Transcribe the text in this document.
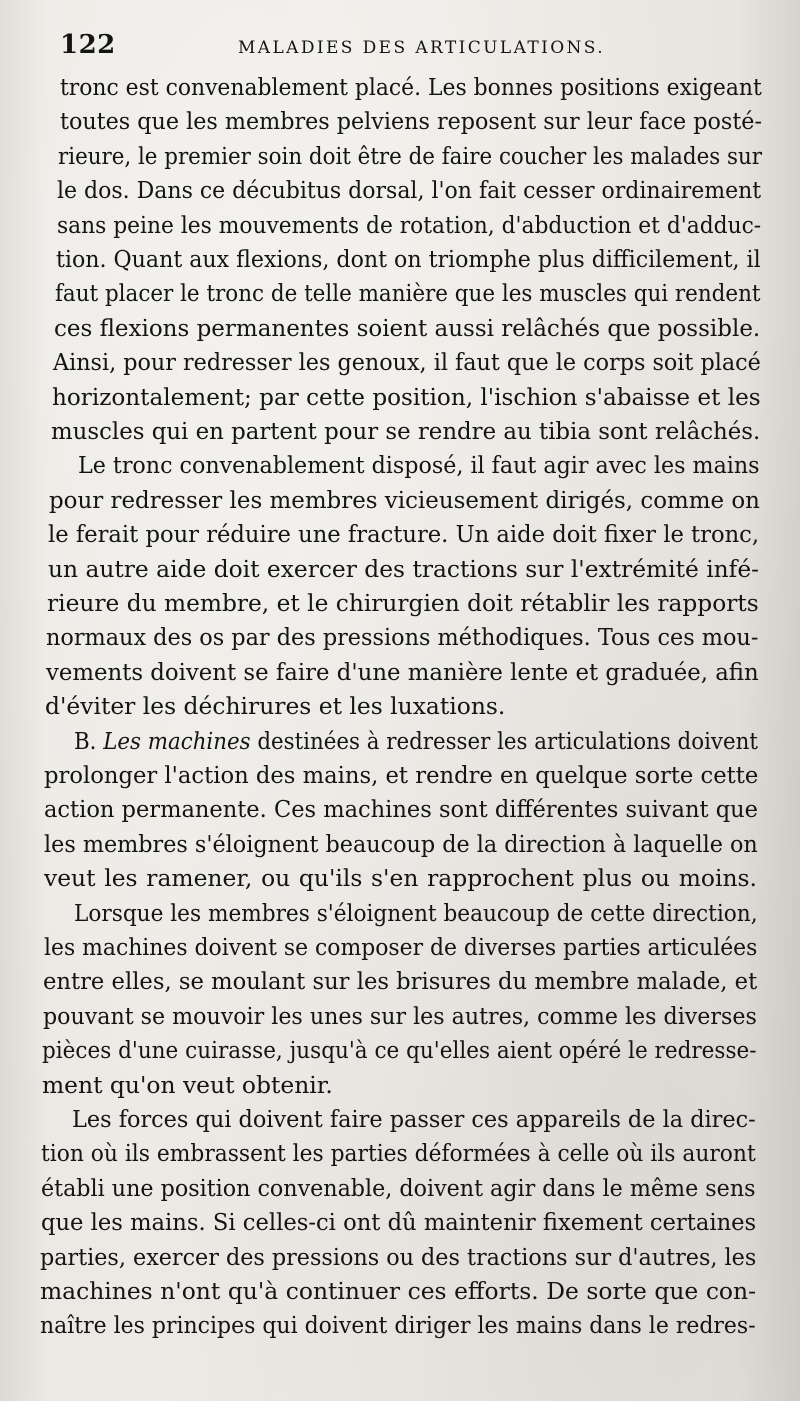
122	MALADIES DES ARTICULATIONS.
tronc est convenablement placé. Les bonnes positions exigeant
toutes que les membres pelviens reposent sur leur face posté-
rieure, le premier soin doit être de faire coucher les malades sur
le dos. Dans ce décubitus dorsal, l'on fait cesser ordinairement
sans peine les mouvements de rotation, d'abduction et d'adduc-
tion. Quant aux flexions, dont on triomphe plus difficilement, il
faut placer le tronc de telle manière que les muscles qui rendent
ces flexions permanentes soient aussi relâchés que possible.
Ainsi, pour redresser les genoux, il faut que le corps soit placé
horizontalement; par cette position, l'ischion s'abaisse et les
muscles qui en partent pour se rendre au tibia sont relâchés.
Le tronc convenablement disposé, il faut agir avec les mains
pour redresser les membres vicieusement dirigés, comme on
le ferait pour réduire une fracture. Un aide doit fixer le tronc,
un autre aide doit exercer des tractions sur l'extrémité infé-
rieure du membre, et le chirurgien doit rétablir les rapports
normaux des os par des pressions méthodiques. Tous ces mou-
vements doivent se faire d'une manière lente et graduée, afin
d'éviter les déchirures et les luxations.
B. Les machines destinées à redresser les articulations doivent
prolonger l'action des mains, et rendre en quelque sorte cette
action permanente. Ces machines sont différentes suivant que
les membres s'éloignent beaucoup de la direction à laquelle on
veut les ramener, ou qu'ils s'en rapprochent plus ou moins.
Lorsque les membres s'éloignent beaucoup de cette direction,
les machines doivent se composer de diverses parties articulées
entre elles, se moulant sur les brisures du membre malade, et
pouvant se mouvoir les unes sur les autres, comme les diverses
pièces d'une cuirasse, jusqu'à ce qu'elles aient opéré le redresse-
ment qu'on veut obtenir.
Les forces qui doivent faire passer ces appareils de la direc-
tion où ils embrassent les parties déformées à celle où ils auront
établi une position convenable, doivent agir dans le même sens
que les mains. Si celles-ci ont dû maintenir fixement certaines
parties, exercer des pressions ou des tractions sur d'autres, les
machines n'ont qu'à continuer ces efforts. De sorte que con-
naître les principes qui doivent diriger les mains dans le redres-
